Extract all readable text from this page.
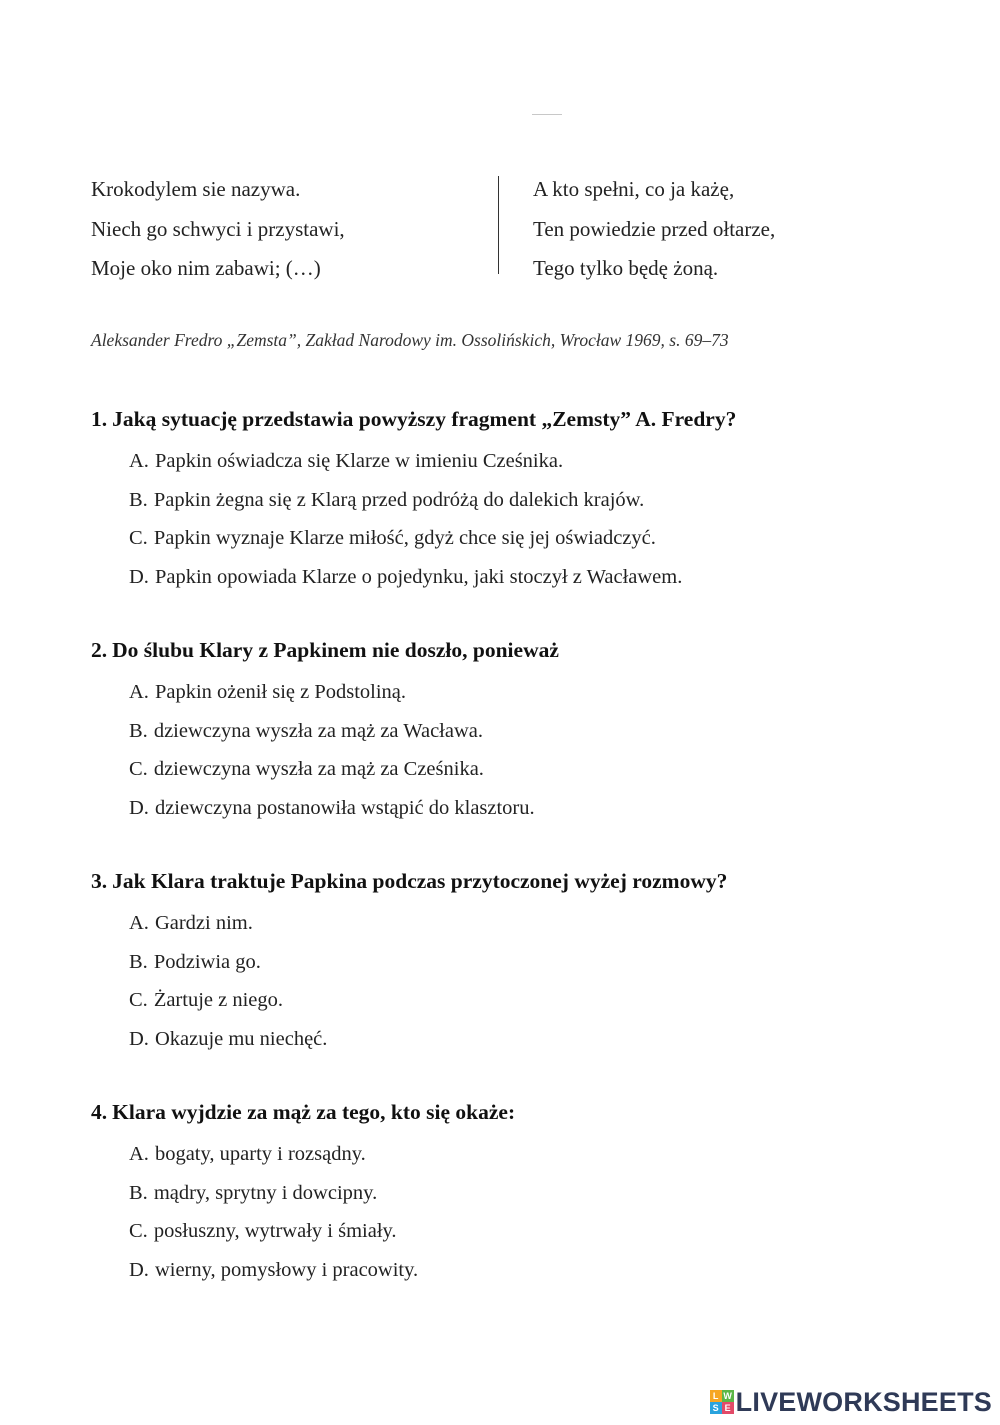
Krokodylem sie nazywa.
Niech go schwyci i przystawi,
Moje oko nim zabawi; (…)
A kto spełni, co ja każę,
Ten powiedzie przed ołtarze,
Tego tylko będę żoną.
Aleksander Fredro „Zemsta”, Zakład Narodowy im. Ossolińskich, Wrocław 1969, s. 69–73
1. Jaką sytuację przedstawia powyższy fragment „Zemsty” A. Fredry?
A. Papkin oświadcza się Klarze w imieniu Cześnika.
B. Papkin żegna się z Klarą przed podróżą do dalekich krajów.
C. Papkin wyznaje Klarze miłość, gdyż chce się jej oświadczyć.
D. Papkin opowiada Klarze o pojedynku, jaki stoczył z Wacławem.
2. Do ślubu Klary z Papkinem nie doszło, ponieważ
A. Papkin ożenił się z Podstoliną.
B. dziewczyna wyszła za mąż za Wacława.
C. dziewczyna wyszła za mąż za Cześnika.
D. dziewczyna postanowiła wstąpić do klasztoru.
3. Jak Klara traktuje Papkina podczas przytoczonej wyżej rozmowy?
A. Gardzi nim.
B. Podziwia go.
C. Żartuje z niego.
D. Okazuje mu niechęć.
4. Klara wyjdzie za mąż za tego, kto się okaże:
A. bogaty, uparty i rozsądny.
B. mądry, sprytny i dowcipny.
C. posłuszny, wytrwały i śmiały.
D. wierny, pomysłowy i pracowity.
L W
S E LIVEWORKSHEETS
